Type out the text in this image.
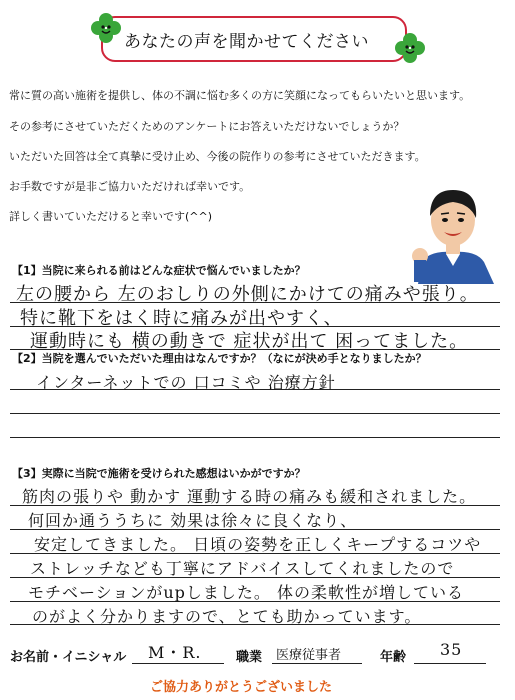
あなたの声を聞かせてください
常に質の高い施術を提供し、体の不調に悩む多くの方に笑顔になってもらいたいと思います。
その参考にさせていただくためのアンケートにお答えいただけないでしょうか？
いただいた回答は全て真摯に受け止め、今後の院作りの参考にさせていただきます。
お手数ですが是非ご協力いただければ幸いです。
詳しく書いていただけると幸いです(^^)
【1】当院に来られる前はどんな症状で悩んでいましたか？
左の腰から 左のおしりの外側にかけての痛みや張り。
特に靴下をはく時に痛みが出やすく、
運動時にも 横の動きで 症状が出て 困ってました。
【2】当院を選んでいただいた理由はなんですか？（なにが決め手となりましたか？
インターネットでの 口コミや 治療方針
【3】実際に当院で施術を受けられた感想はいかがですか？
筋肉の張りや 動かす 運動する時の痛みも緩和されました。
何回か通ううちに 効果は徐々に良くなり、
安定してきました。 日頃の姿勢を正しくキープするコツや
ストレッチなども丁寧にアドバイスしてくれましたので
モチベーションがupしました。 体の柔軟性が増している
のがよく分かりますので、とても助かっています。
お名前・イニシャル M・R.	職業 医療従事者	年齢 35
ご協力ありがとうございました
